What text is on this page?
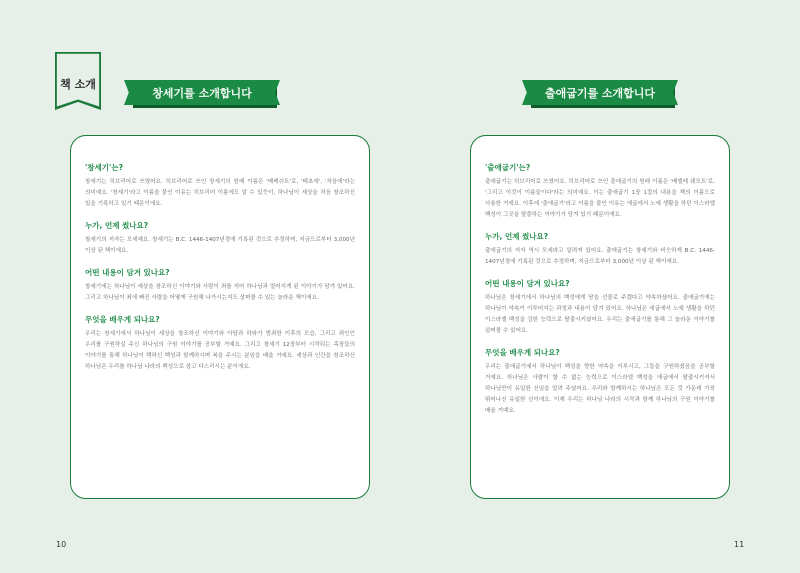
책 소개
창세기를 소개합니다	출애굽기를 소개합니다
'창세기'는?

창세기는 히브리어로 쓰였어요. 히브리어로 쓰인 창세기의 원래 이름은 '베레쉬트'로, '태초에', '처음에'라는 의미예요. '창세기'라고 이름을 붙인 이유는 히브리어 이름에도 알 수 있듯이, 하나님이 세상을 처음 창조하신 일을 기록하고 있기 때문이에요.

누가, 언제 썼나요?

창세기의 저자는 모세예요. 창세기는 B.C. 1446-1407년경에 기록된 것으로 추정하며, 지금으로부터 3,000년 이상 된 책이에요.

어떤 내용이 담겨 있나요?

창세기에는 하나님이 세상을 창조하신 이야기와 사람이 죄를 지어 하나님과 멀어지게 된 이야기가 담겨 있어요. 그리고 하나님이 죄에 빠진 사람을 어떻게 구원해 나가시는지도 살펴볼 수 있는 놀라운 책이에요.

무엇을 배우게 되나요?

우리는 창세기에서 하나님이 세상을 창조하신 이야기와 아담과 하와가 범죄한 이후의 모습, 그리고 죄인인 우리를 구원하실 주신 하나님의 구원 이야기를 공부할 거예요. 그리고 창세기 12장부터 시작되는 족장들의 이야기를 통해 하나님이 택하신 백성과 함께하시며 복을 주시는 분임을 배울 거예요. 세상과 인간을 창조하신 하나님은 우리를 하나님 나라의 백성으로 삼고 다스리시는 분이에요.

'출애굽기'는?

출애굽기는 히브리어로 쓰였어요. 히브리어로 쓰인 출애굽기의 원래 이름은 '베엘레 쉐모트'로, '그리고 이것이 이름들이다'라는 의미예요. 이는 출애굽기 1장 1절의 내용을 책의 이름으로 사용한 거예요. 이후에 '출애굽기'라고 이름을 붙인 이유는 애굽에서 노예 생활을 하던 이스라엘 백성이 그곳을 탈출하는 이야기가 담겨 있기 때문이에요.

누가, 언제 썼나요?

출애굽기의 저자 역시 모세라고 알려져 있어요. 출애굽기는 창세기와 비슷하게 B.C. 1446-1407년경에 기록된 것으로 추정하며, 지금으로부터 3,000년 이상 된 책이에요.

어떤 내용이 담겨 있나요?

하나님은 창세기에서 하나님의 백성에게 땅을 선물로 주겠다고 약속하셨어요. 출애굽기에는 하나님이 약속이 이루어지는 과정과 내용이 담겨 있어요. 하나님은 애굽에서 노예 생활을 하던 이스라엘 백성을 강한 능력으로 탈출시키셨어요. 우리는 출애굽기를 통해 그 놀라운 이야기를 살펴볼 수 있어요.

무엇을 배우게 되나요?

우리는 출애굽기에서 하나님이 백성을 향한 약속을 이루시고, 그들을 구원하셨음을 공부할 거예요. 하나님은 사람이 할 수 없는 능력으로 이스라엘 백성을 애굽에서 탈출시키셔서 하나님만이 유일한 신임을 알려 주셨어요. 우리와 함께하시는 하나님은 모든 것 가운데 가장 뛰어나신 유일한 신이에요. 이제 우리는 하나님 나라의 시작과 함께 하나님의 구원 이야기를 배울 거예요.

10	11
